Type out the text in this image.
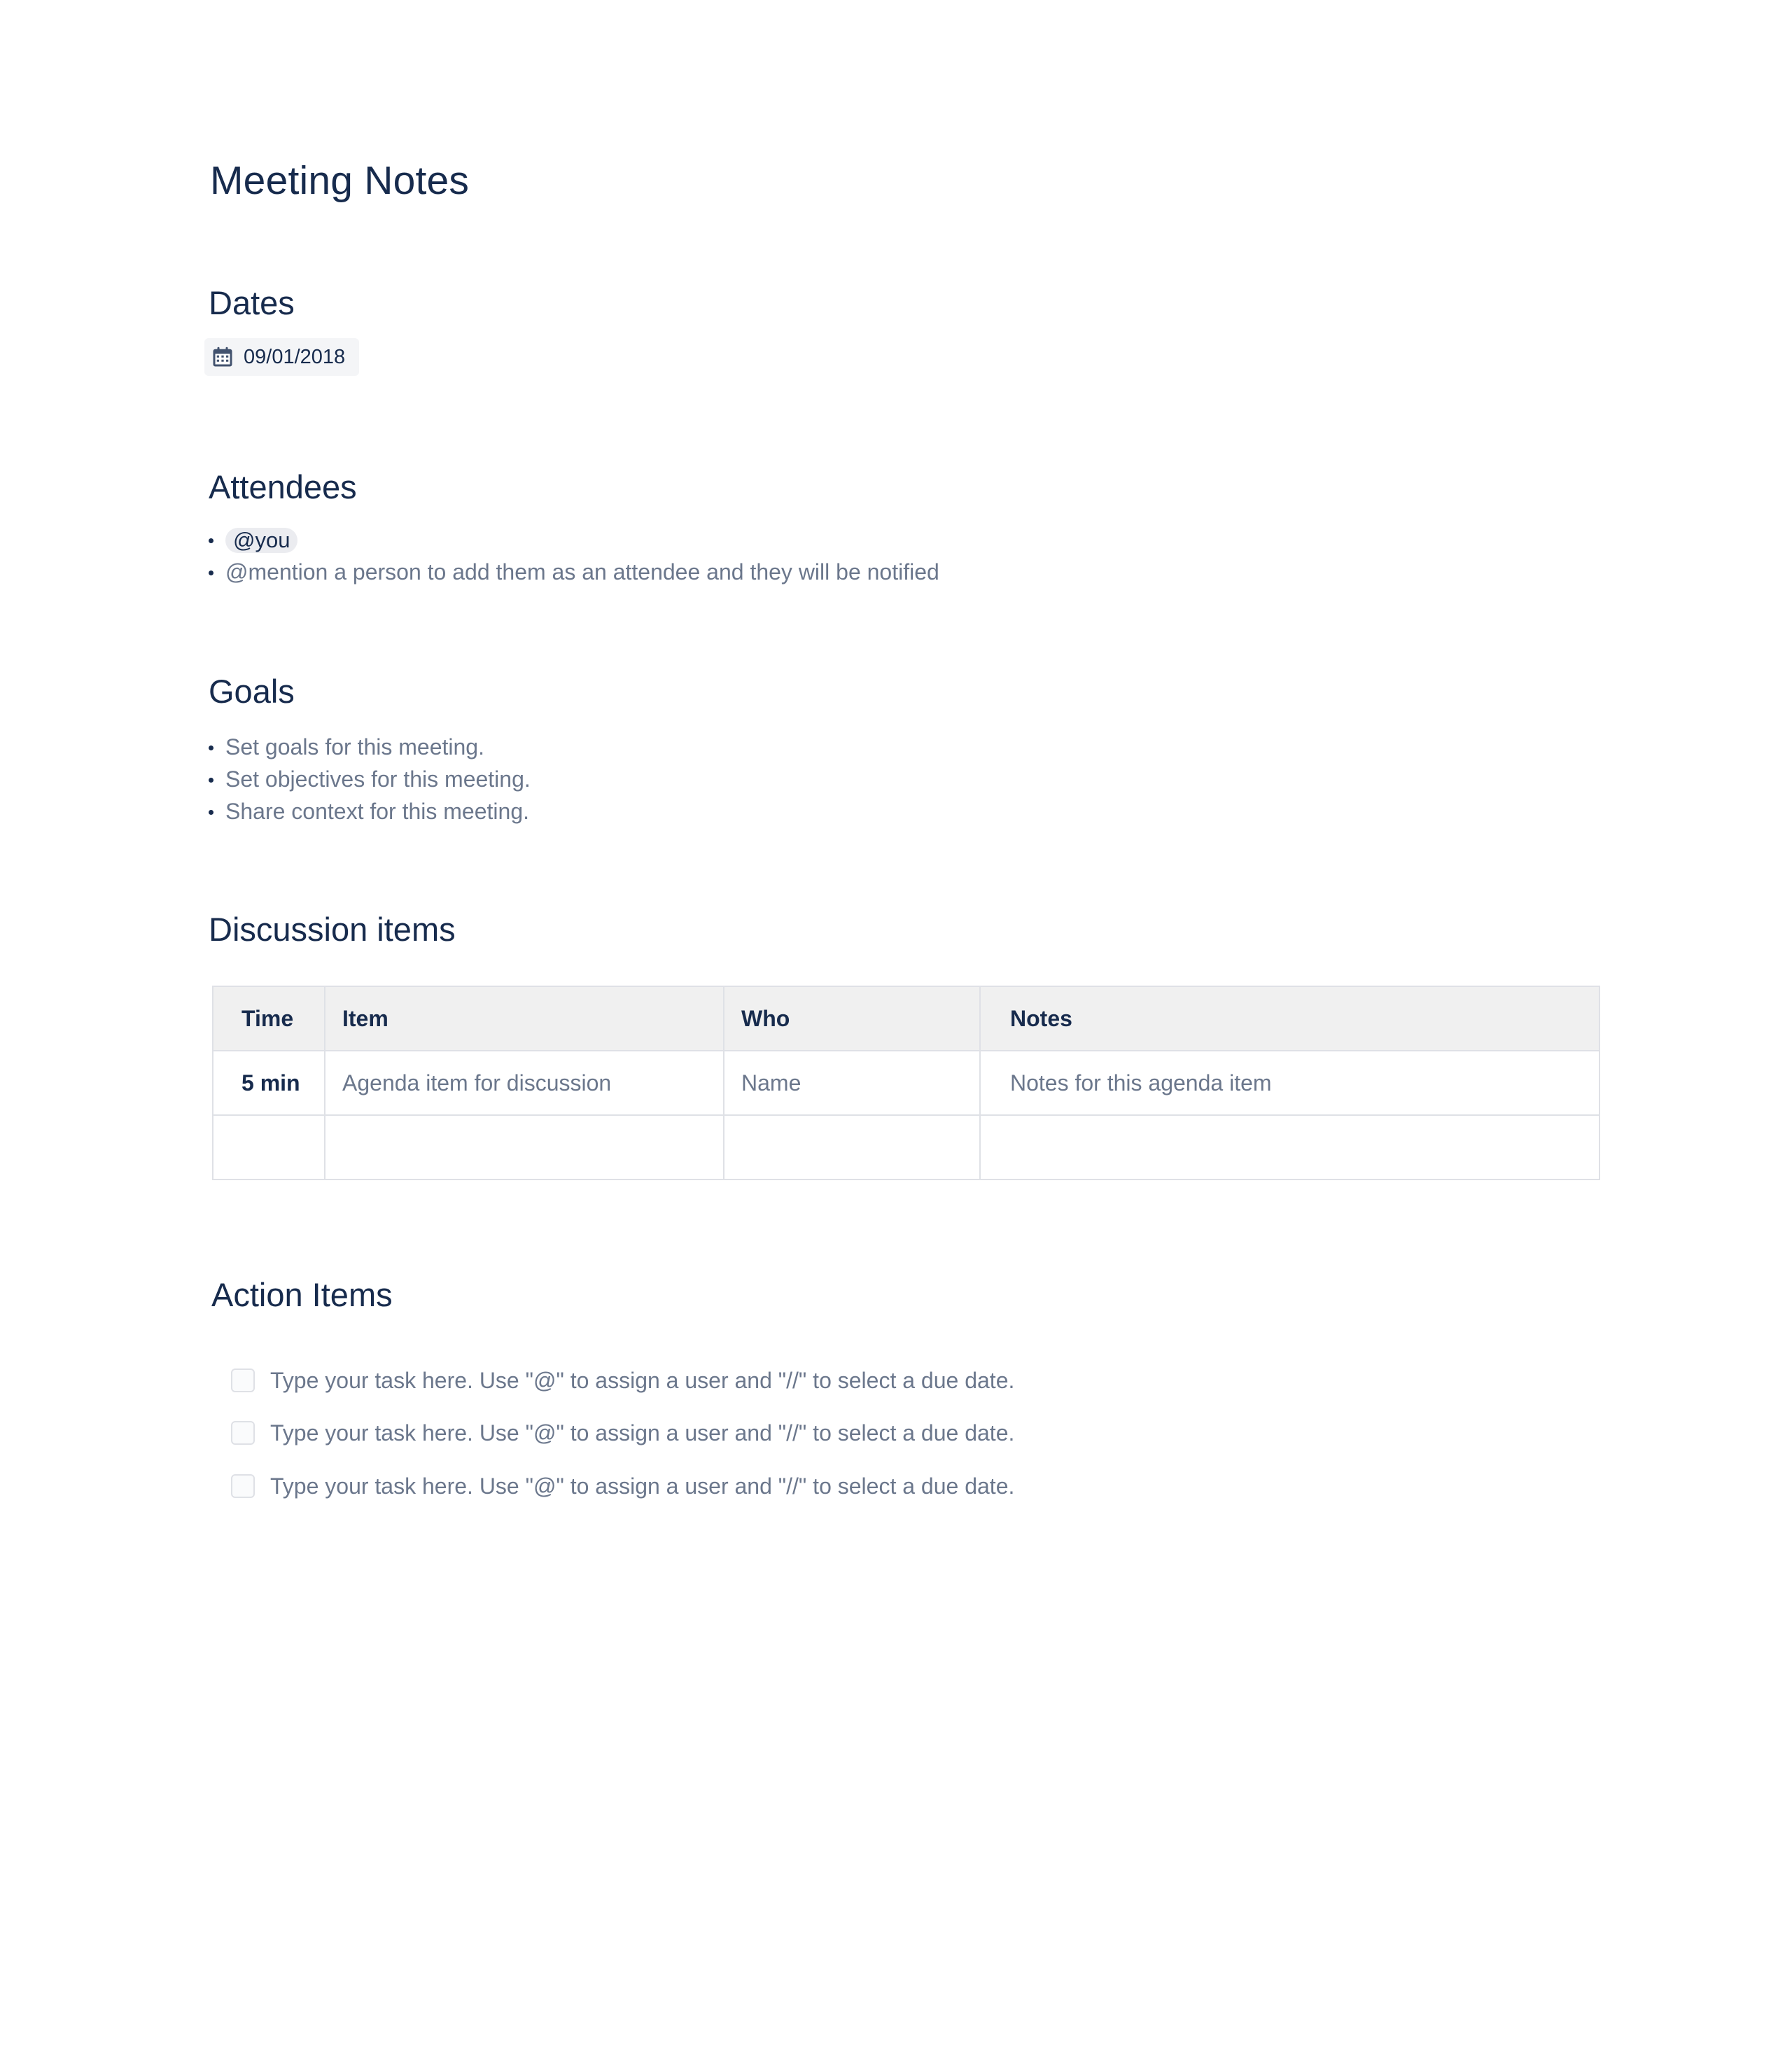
Meeting Notes
Dates
09/01/2018
Attendees
@you
@mention a person to add them as an attendee and they will be notified
Goals
Set goals for this meeting.
Set objectives for this meeting.
Share context for this meeting.
Discussion items
Time	Item	Who	Notes
5 min	Agenda item for discussion	Name	Notes for this agenda item

Action Items
Type your task here. Use "@" to assign a user and "//" to select a due date.
Type your task here. Use "@" to assign a user and "//" to select a due date.
Type your task here. Use "@" to assign a user and "//" to select a due date.
